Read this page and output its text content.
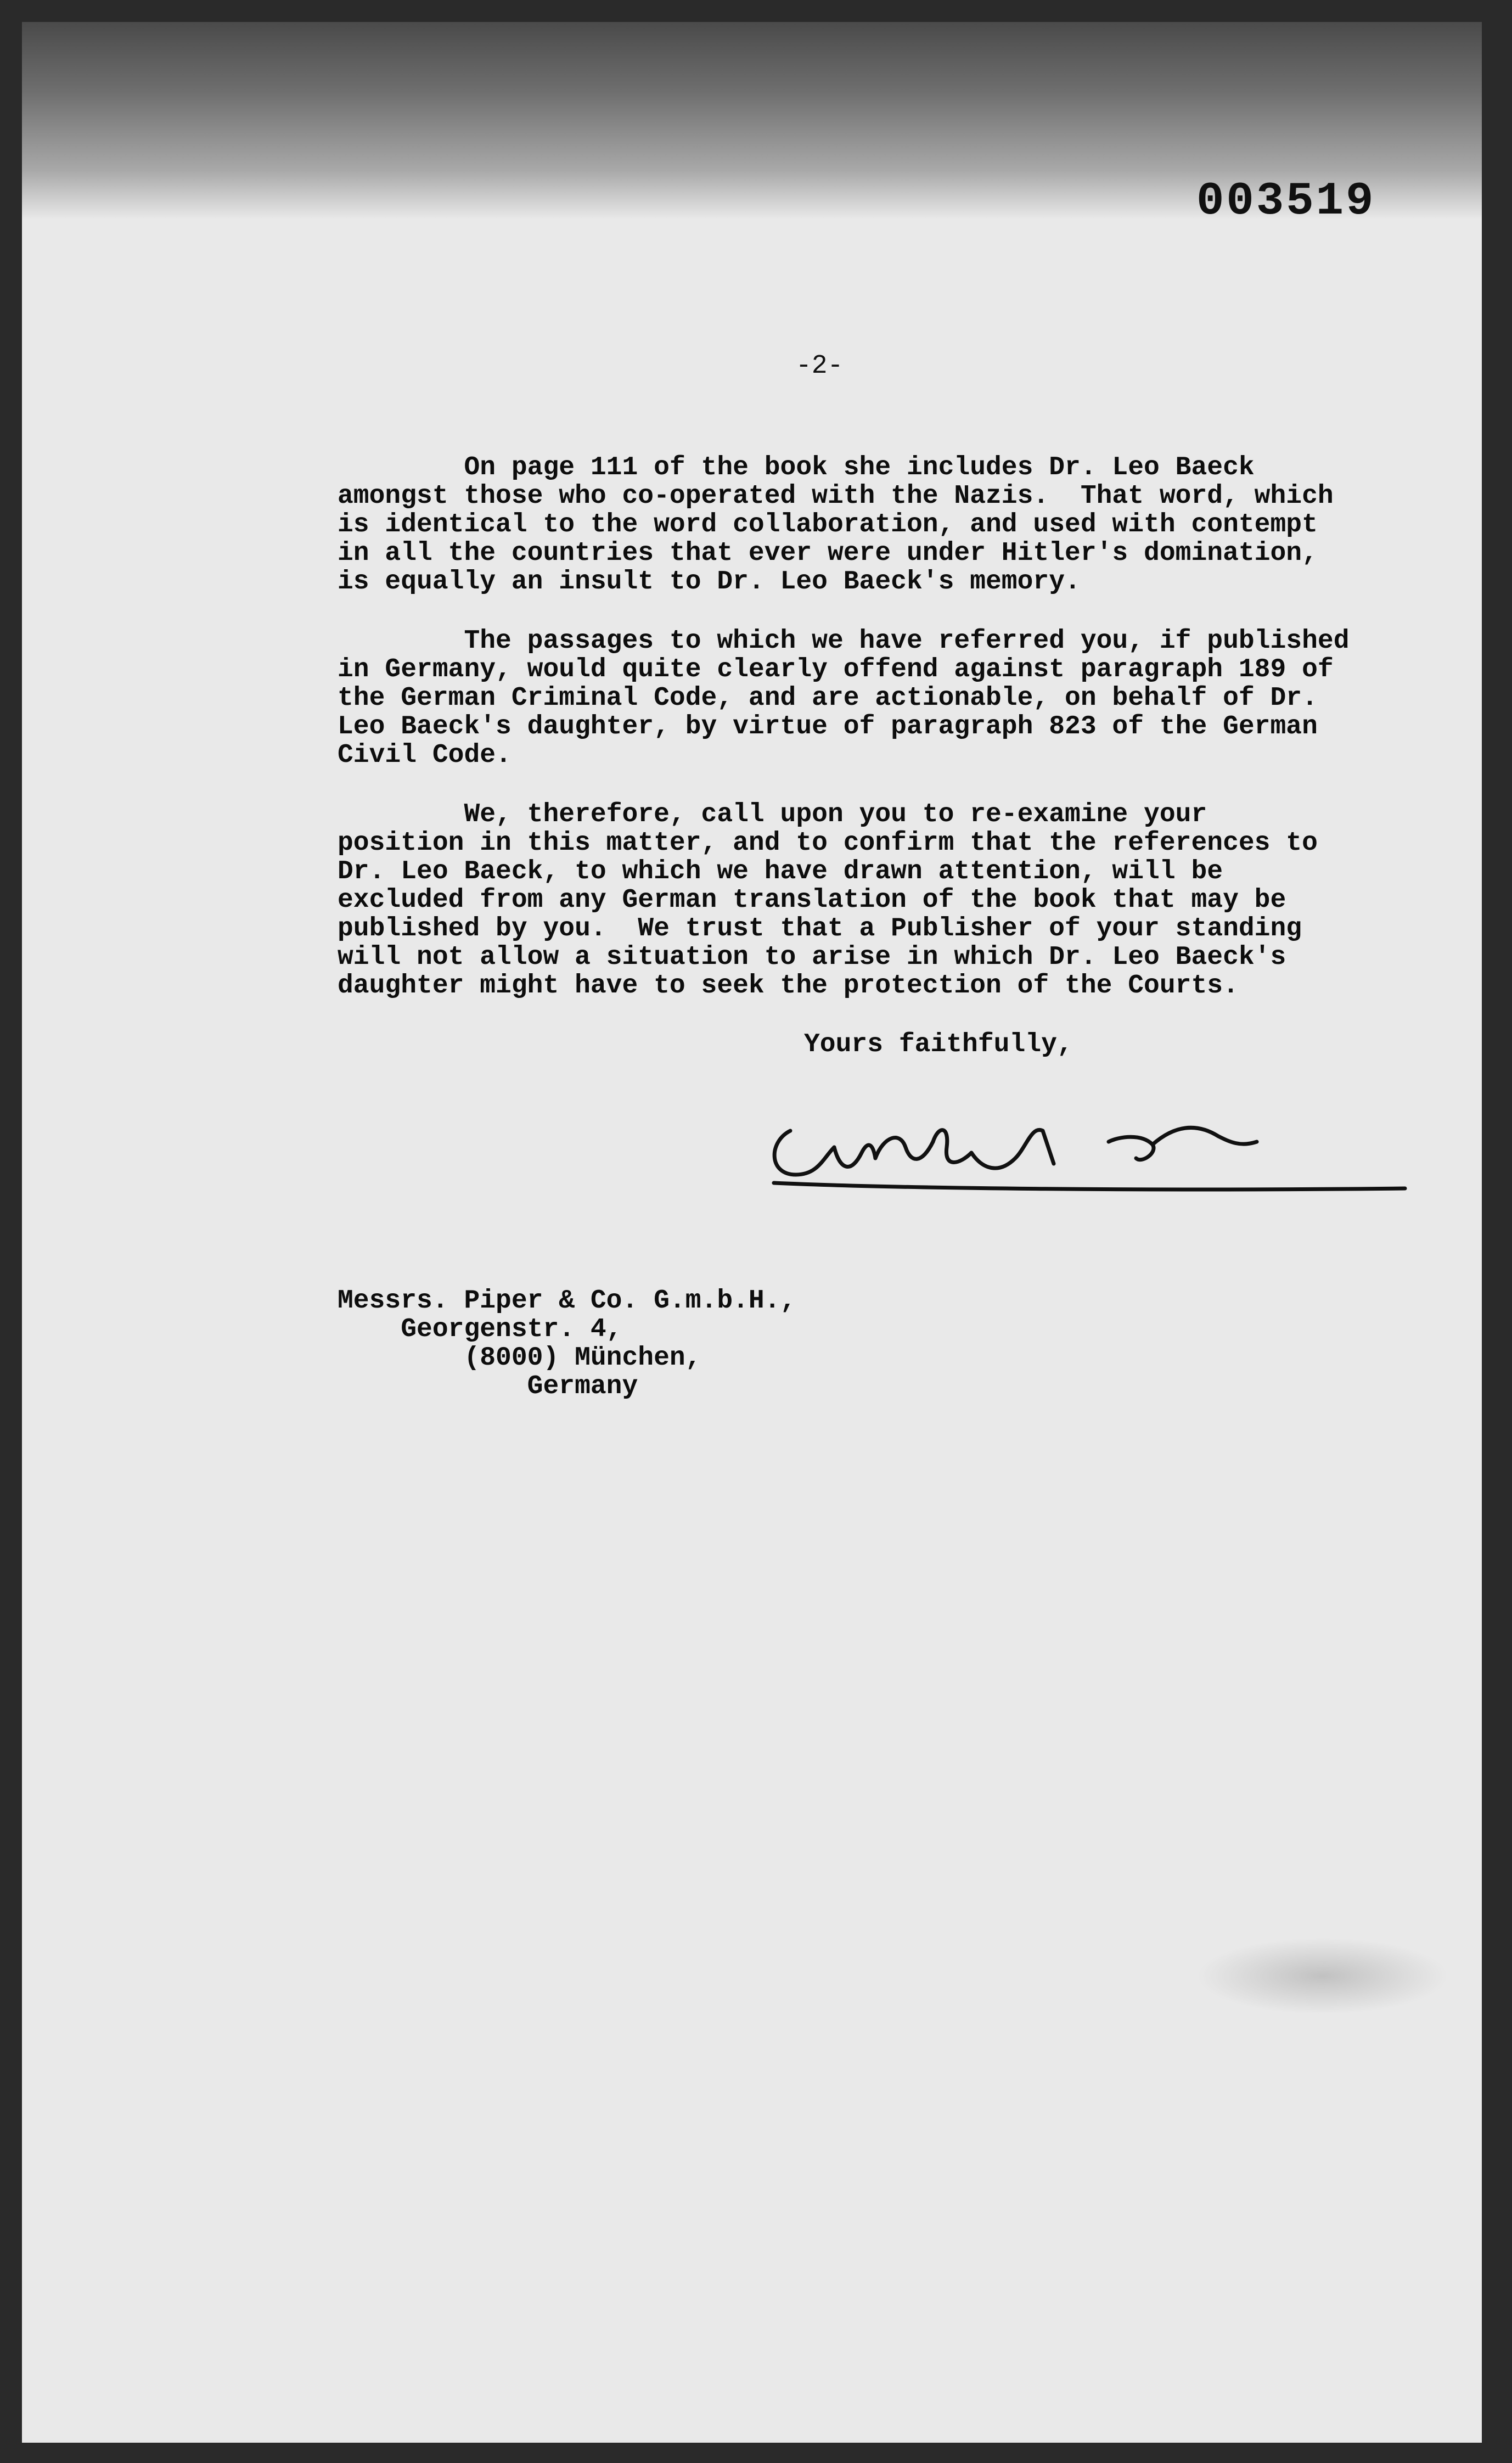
003519
-2-

On page 111 of the book she includes Dr. Leo Baeck
amongst those who co-operated with the Nazis.  That word, which
is identical to the word collaboration, and used with contempt
in all the countries that ever were under Hitler's domination,
is equally an insult to Dr. Leo Baeck's memory.

The passages to which we have referred you, if published
in Germany, would quite clearly offend against paragraph 189 of
the German Criminal Code, and are actionable, on behalf of Dr.
Leo Baeck's daughter, by virtue of paragraph 823 of the German
Civil Code.

We, therefore, call upon you to re-examine your
position in this matter, and to confirm that the references to
Dr. Leo Baeck, to which we have drawn attention, will be
excluded from any German translation of the book that may be
published by you.  We trust that a Publisher of your standing
will not allow a situation to arise in which Dr. Leo Baeck's
daughter might have to seek the protection of the Courts.

Yours faithfully,
Messrs. Piper & Co. G.m.b.H.,
Georgenstr. 4,
(8000) München,
Germany
